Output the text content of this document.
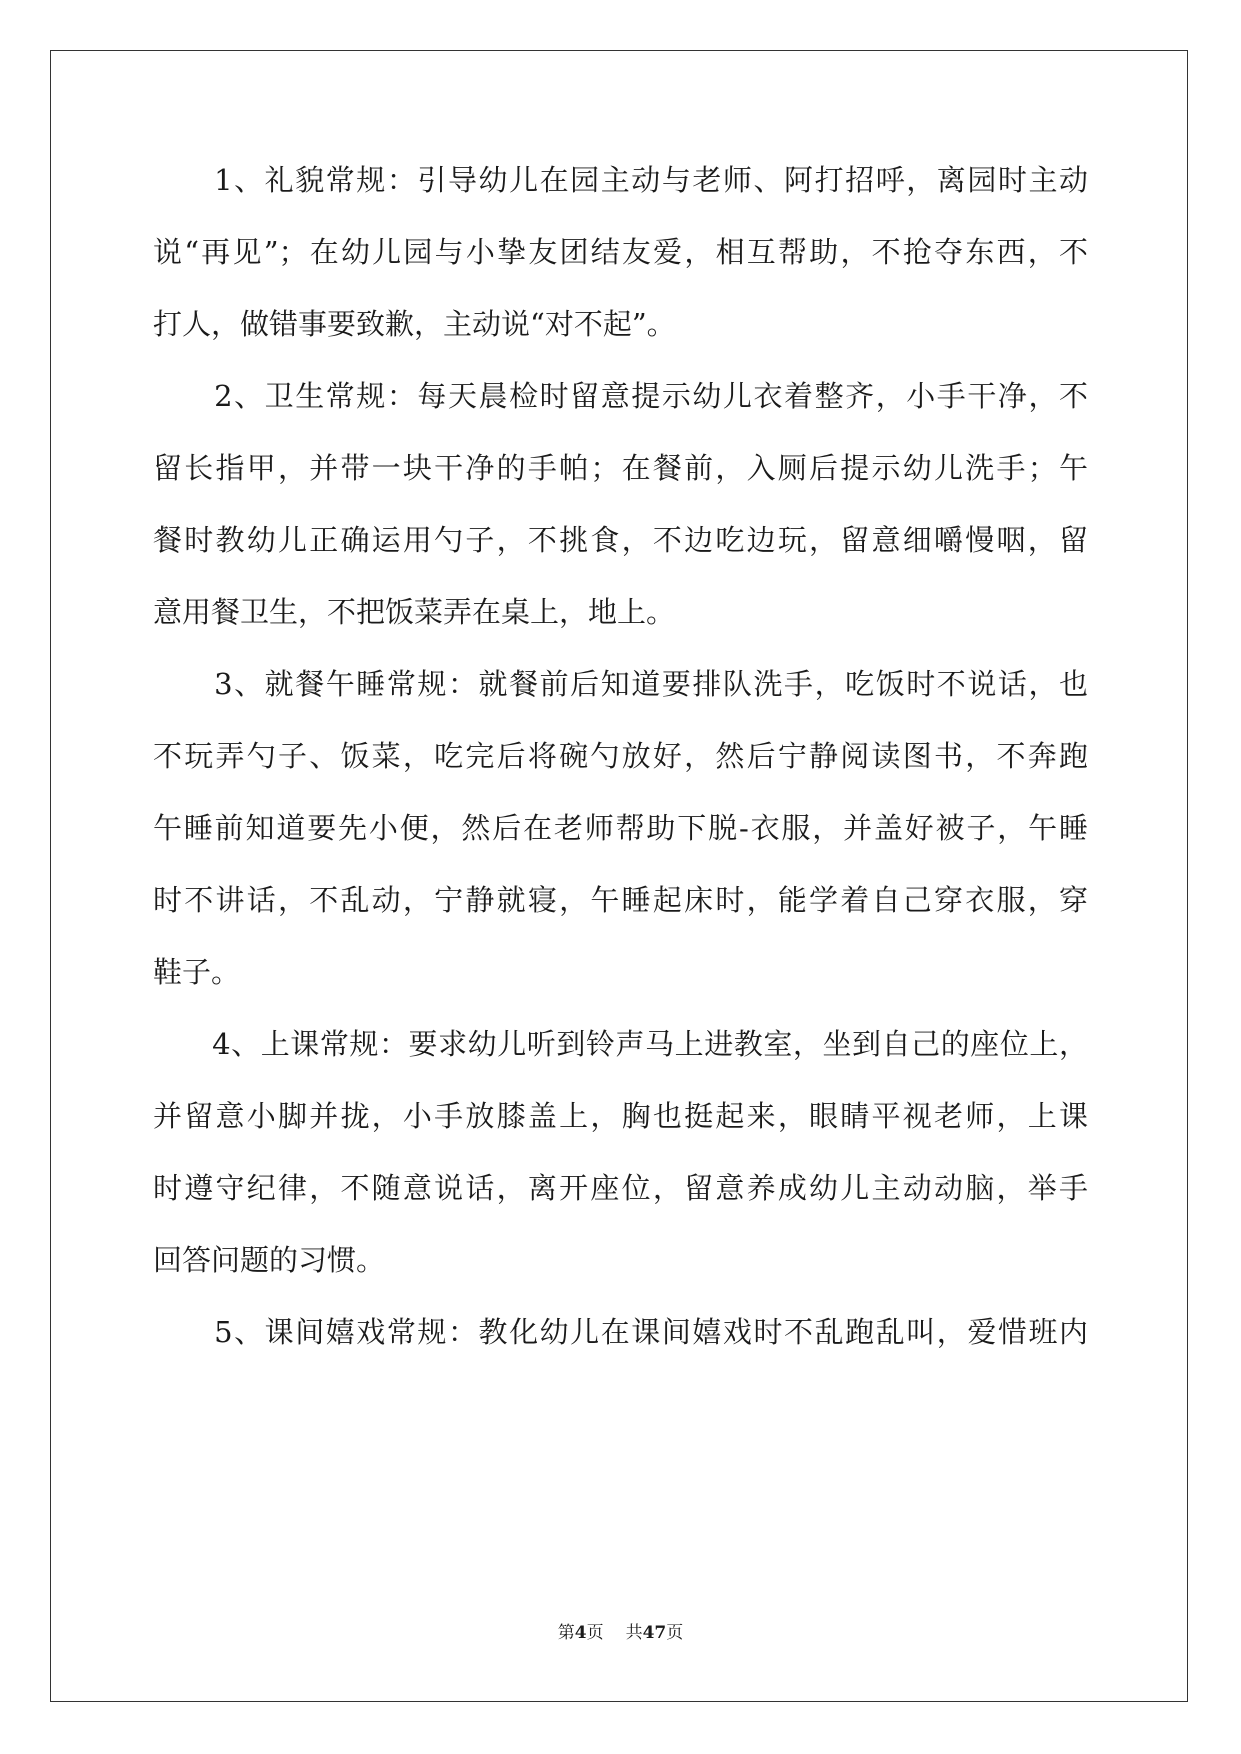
　　1、礼貌常规：引导幼儿在园主动与老师、阿打招呼，离园时主动
说“再见”；在幼儿园与小挚友团结友爱，相互帮助，不抢夺东西，不
打人，做错事要致歉，主动说“对不起”。
　　2、卫生常规：每天晨检时留意提示幼儿衣着整齐，小手干净，不
留长指甲，并带一块干净的手帕；在餐前，入厕后提示幼儿洗手；午
餐时教幼儿正确运用勺子，不挑食，不边吃边玩，留意细嚼慢咽，留
意用餐卫生，不把饭菜弄在桌上，地上。
　　3、就餐午睡常规：就餐前后知道要排队洗手，吃饭时不说话，也
不玩弄勺子、饭菜，吃完后将碗勺放好，然后宁静阅读图书，不奔跑
午睡前知道要先小便，然后在老师帮助下脱-衣服，并盖好被子，午睡
时不讲话，不乱动，宁静就寝，午睡起床时，能学着自己穿衣服，穿
鞋子。
　　4、上课常规：要求幼儿听到铃声马上进教室，坐到自己的座位上，
并留意小脚并拢，小手放膝盖上，胸也挺起来，眼睛平视老师，上课
时遵守纪律，不随意说话，离开座位，留意养成幼儿主动动脑，举手
回答问题的习惯。
　　5、课间嬉戏常规：教化幼儿在课间嬉戏时不乱跑乱叫，爱惜班内
第4页 共47页
